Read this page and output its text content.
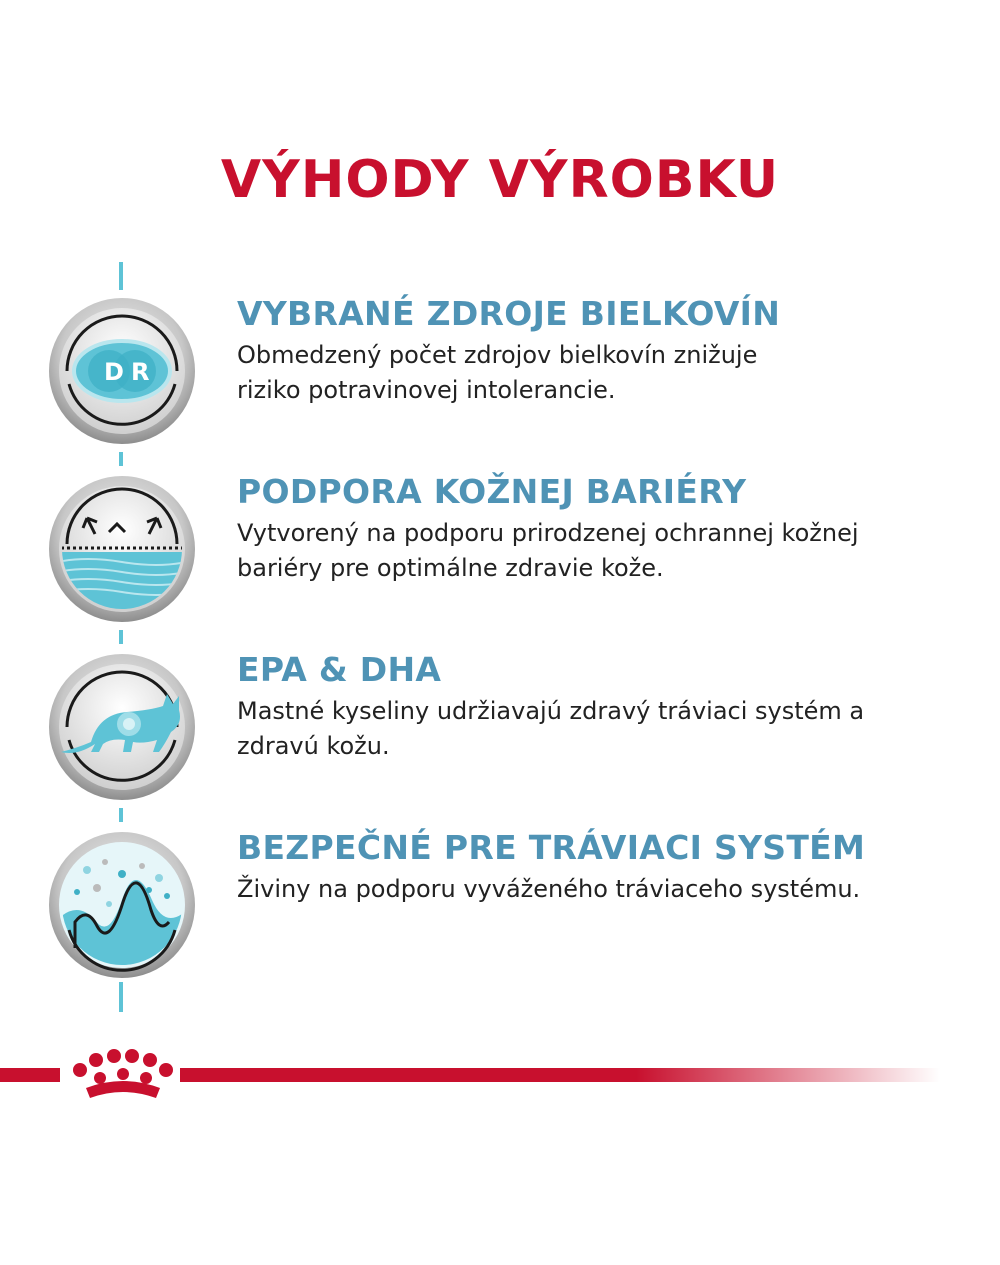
VÝHODY VÝROBKU
D R
VYBRANÉ ZDROJE BIELKOVÍN

Obmedzený počet zdrojov bielkovín znižuje
riziko potravinovej intolerancie.

PODPORA KOŽNEJ BARIÉRY

Vytvorený na podporu prirodzenej ochrannej kožnej
bariéry pre optimálne zdravie kože.

EPA & DHA

Mastné kyseliny udržiavajú zdravý tráviaci systém a
zdravú kožu.

BEZPEČNÉ PRE TRÁVIACI SYSTÉM

Živiny na podporu vyváženého tráviaceho systému.
